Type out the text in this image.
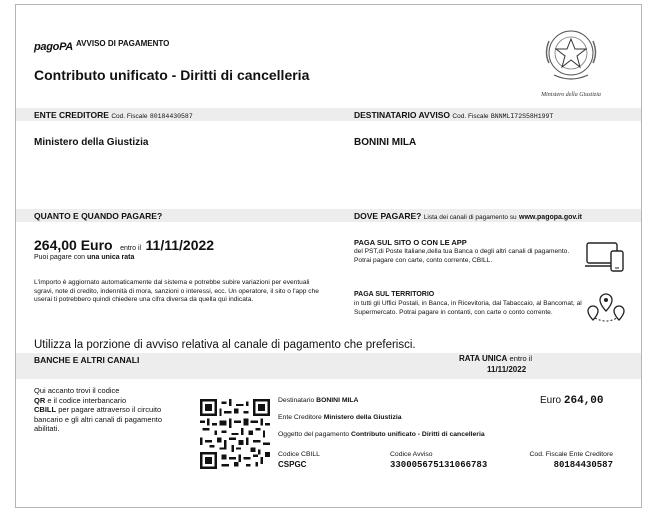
pagoPA AVVISO DI PAGAMENTO
Contributo unificato - Diritti di cancelleria
Ministero della Giustizia
ENTE CREDITORE Cod. Fiscale 80184430587	DESTINATARIO AVVISO Cod. Fiscale BNNMLI72S58H199T
Ministero della Giustizia	BONINI MILA
QUANTO E QUANDO PAGARE?	DOVE PAGARE? Lista dei canali di pagamento su www.pagopa.gov.it
264,00 Euro entro il 11/11/2022
Puoi pagare con una unica rata
L'importo è aggiornato automaticamente dal sistema e potrebbe subire variazioni per eventuali sgravi, note di credito, indennità di mora, sanzioni o interessi, ecc. Un operatore, il sito o l'app che userai ti potrebbero quindi chiedere una cifra diversa da quella qui indicata.
PAGA SUL SITO O CON LE APP
del PST,di Poste Italiane,della tua Banca o degli altri canali di pagamento. Potrai pagare con carte, conto corrente, CBILL.
PAGA SUL TERRITORIO
in tutti gli Uffici Postali, in Banca, in Ricevitoria, dal Tabaccaio, al Bancomat, al Supermercato. Potrai pagare in contanti, con carte o conto corrente.
Utilizza la porzione di avviso relativa al canale di pagamento che preferisci.
BANCHE E ALTRI CANALI	RATA UNICA entro il
11/11/2022
Qui accanto trovi il codice
QR e il codice interbancario
CBILL per pagare attraverso il circuito bancario e gli altri canali di pagamento abilitati.
Destinatario BONINI MILA
Ente Creditore Ministero della Giustizia
Oggetto del pagamento Contributo unificato - Diritti di cancelleria
Euro 264,00
Codice CBILL
CSPGC
Codice Avviso
330005675131066783
Cod. Fiscale Ente Creditore
80184430587
